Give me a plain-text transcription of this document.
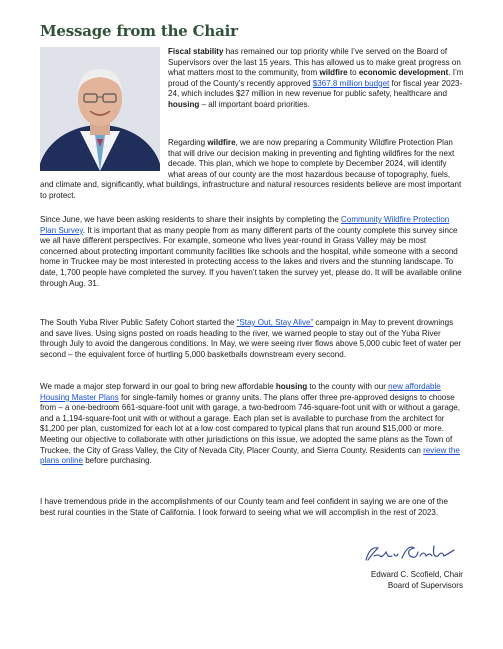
Message from the Chair

Fiscal stability has remained our top priority while I’ve served on the Board of Supervisors over the last 15 years. This has allowed us to make great progress on what matters most to the community, from wildfire to economic development. I’m proud of the County’s recently approved $367.8 million budget for fiscal year 2023-24, which includes $27 million in new revenue for public safety, healthcare and housing – all important board priorities.

Regarding wildfire, we are now preparing a Community Wildfire Protection Plan that will drive our decision making in preventing and fighting wildfires for the next decade. This plan, which we hope to complete by December 2024, will identify what areas of our county are the most hazardous because of topography, fuels, and climate and, significantly, what buildings, infrastructure and natural resources residents believe are most important to protect.

Since June, we have been asking residents to share their insights by completing the Community Wildfire Protection Plan Survey. It is important that as many people from as many different parts of the county complete this survey since we all have different perspectives. For example, someone who lives year-round in Grass Valley may be most concerned about protecting important community facilities like schools and the hospital, while someone with a second home in Truckee may be most interested in protecting access to the lakes and rivers and the stunning landscape. To date, 1,700 people have completed the survey. If you haven’t taken the survey yet, please do. It will be available online through Aug. 31.

The South Yuba River Public Safety Cohort started the “Stay Out, Stay Alive” campaign in May to prevent drownings and save lives. Using signs posted on roads heading to the river, we warned people to stay out of the Yuba River through July to avoid the dangerous conditions. In May, we were seeing river flows above 5,000 cubic feet of water per second – the equivalent force of hurtling 5,000 basketballs downstream every second.

We made a major step forward in our goal to bring new affordable housing to the county with our new affordable Housing Master Plans for single-family homes or granny units. The plans offer three pre-approved designs to choose from – a one-bedroom 661-square-foot unit with garage, a two-bedroom 746-square-foot unit with or without a garage, and a 1,194-square-foot unit with or without a garage. Each plan set is available to purchase from the architect for $1,200 per plan, customized for each lot at a low cost compared to typical plans that run around $15,000 or more. Meeting our objective to collaborate with other jurisdictions on this issue, we adopted the same plans as the Town of Truckee, the City of Grass Valley, the City of Nevada City, Placer County, and Sierra County. Residents can review the plans online before purchasing.

I have tremendous pride in the accomplishments of our County team and feel confident in saying we are one of the best rural counties in the State of California. I look forward to seeing what we will accomplish in the rest of 2023.

Edward C. Scofield, Chair
Board of Supervisors
